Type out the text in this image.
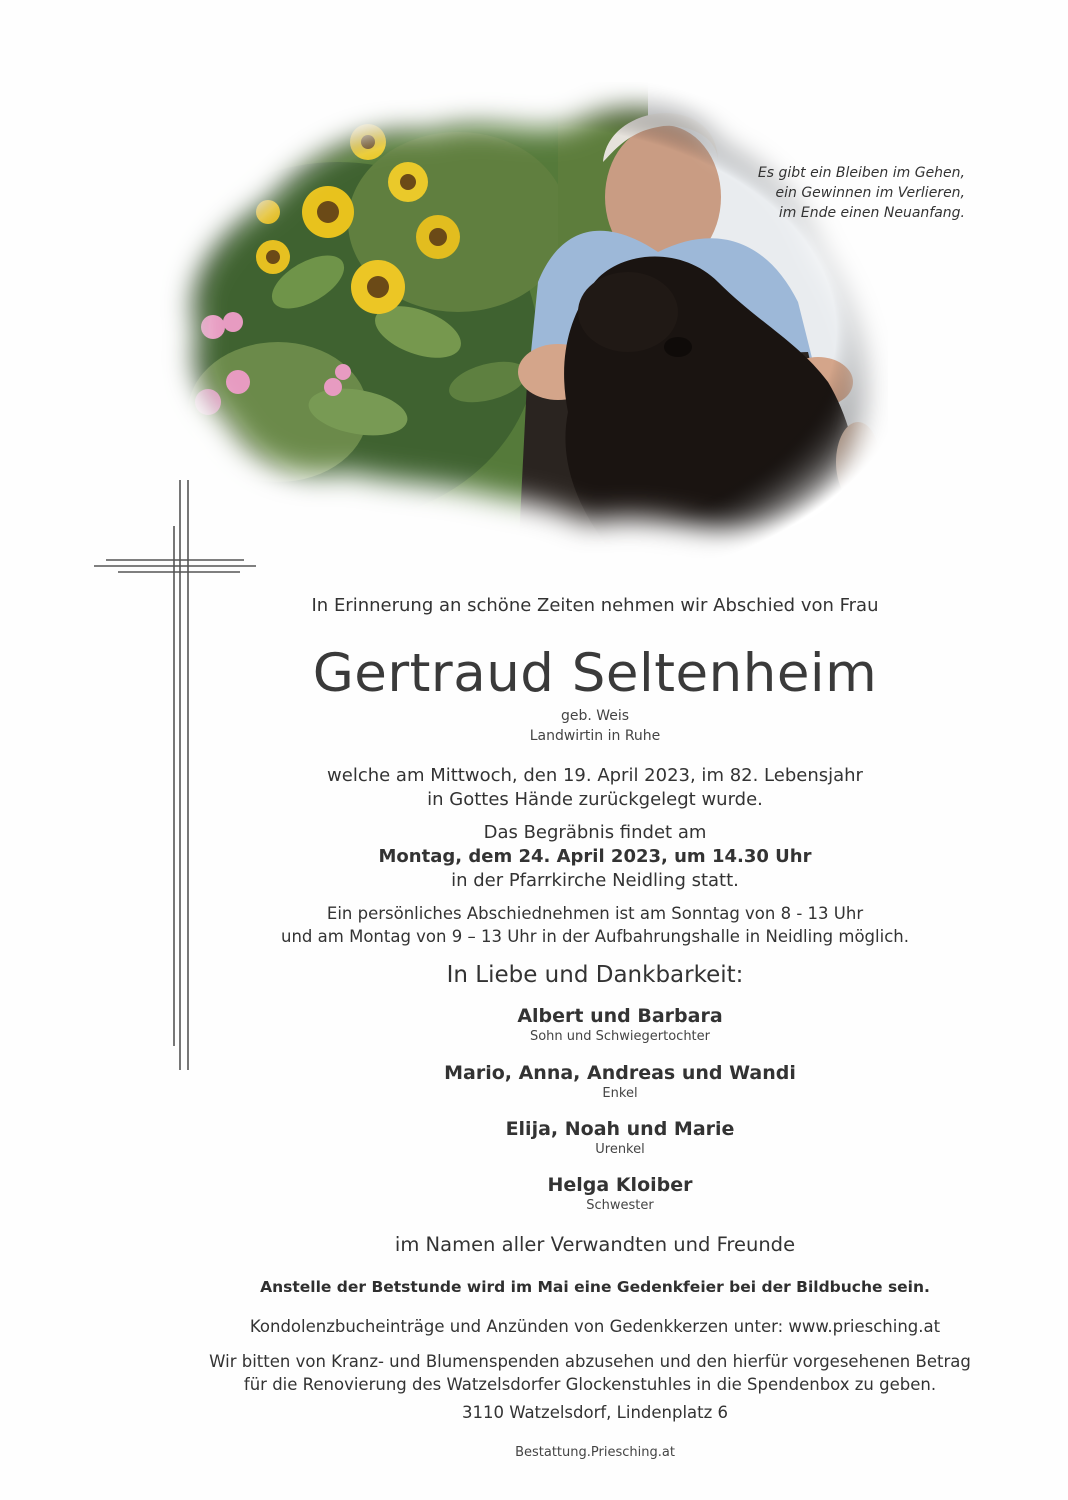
Es gibt ein Bleiben im Gehen,
ein Gewinnen im Verlieren,
im Ende einen Neuanfang.
In Erinnerung an schöne Zeiten nehmen wir Abschied von Frau
Gertraud Seltenheim
geb. Weis
Landwirtin in Ruhe
welche am Mittwoch, den 19. April 2023, im 82. Lebensjahr
in Gottes Hände zurückgelegt wurde.
Das Begräbnis findet am
Montag, dem 24. April 2023, um 14.30 Uhr
in der Pfarrkirche Neidling statt.
Ein persönliches Abschiednehmen ist am Sonntag von 8 - 13 Uhr
und am Montag von 9 – 13 Uhr in der Aufbahrungshalle in Neidling möglich.
In Liebe und Dankbarkeit:
Albert und Barbara
Sohn und Schwiegertochter
Mario, Anna, Andreas und Wandi
Enkel
Elija, Noah und Marie
Urenkel
Helga Kloiber
Schwester
im Namen aller Verwandten und Freunde
Anstelle der Betstunde wird im Mai eine Gedenkfeier bei der Bildbuche sein.
Kondolenzbucheinträge und Anzünden von Gedenkkerzen unter: www.priesching.at
Wir bitten von Kranz- und Blumenspenden abzusehen und den hierfür vorgesehenen Betrag
für die Renovierung des Watzelsdorfer Glockenstuhles in die Spendenbox zu geben.
3110 Watzelsdorf, Lindenplatz 6
Bestattung.Priesching.at
